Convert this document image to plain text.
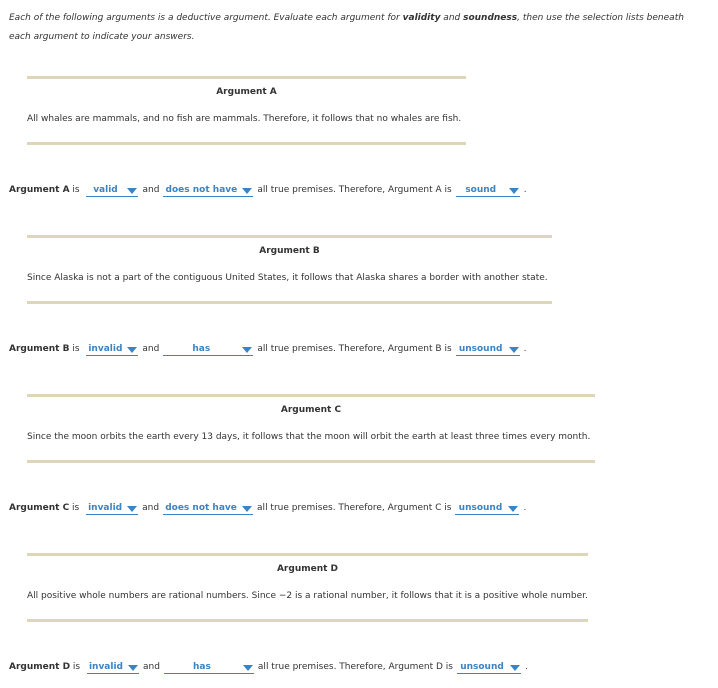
Each of the following arguments is a deductive argument. Evaluate each argument for validity and soundness, then use the selection lists beneath each argument to indicate your answers.
Argument A
All whales are mammals, and no fish are mammals. Therefore, it follows that no whales are fish.
Argument A is	valid	and does not have	all true premises. Therefore, Argument A is	sound	.
Argument B
Since Alaska is not a part of the contiguous United States, it follows that Alaska shares a border with another state.
Argument B is invalid	and	has	all true premises. Therefore, Argument B is unsound	.
Argument C
Since the moon orbits the earth every 13 days, it follows that the moon will orbit the earth at least three times every month.
Argument C is invalid	and does not have	all true premises. Therefore, Argument C is unsound	.
Argument D
All positive whole numbers are rational numbers. Since −2 is a rational number, it follows that it is a positive whole number.
Argument D is invalid	and	has	all true premises. Therefore, Argument D is unsound	.
